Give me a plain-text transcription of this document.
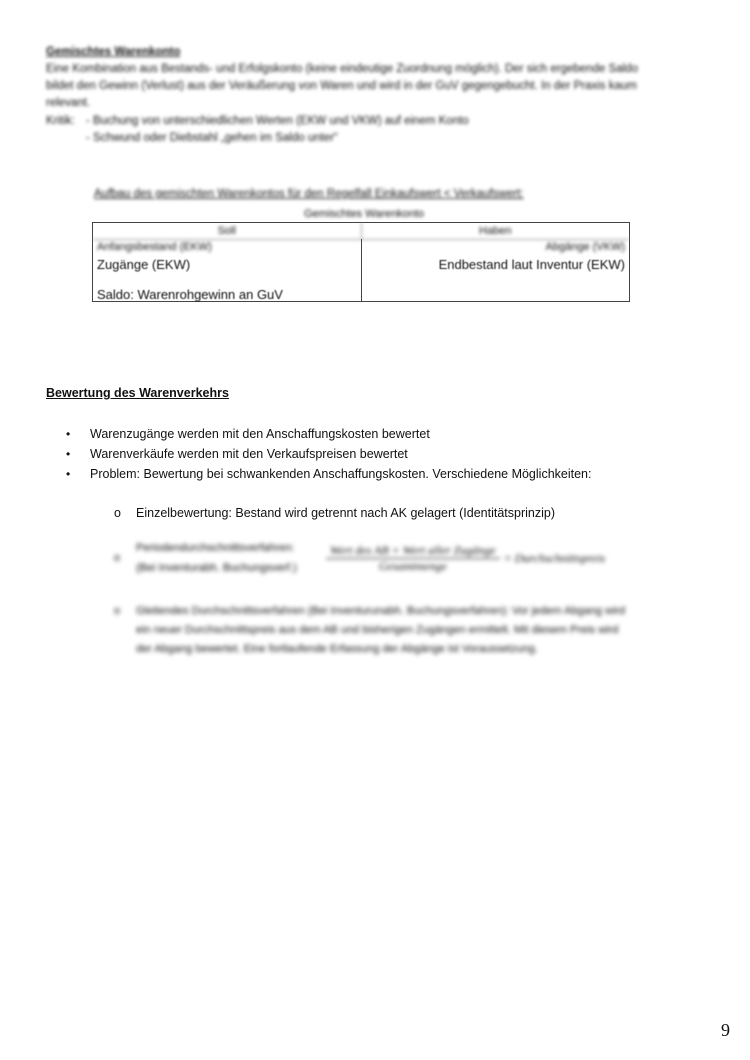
Gemischtes Warenkonto
Eine Kombination aus Bestands- und Erfolgskonto (keine eindeutige Zuordnung möglich). Der sich ergebende Saldo
bildet den Gewinn (Verlust) aus der Veräußerung von Waren und wird in der GuV gegengebucht. In der Praxis kaum
relevant.
Kritik: - Buchung von unterschiedlichen Werten (EKW und VKW) auf einem Konto
- Schwund oder Diebstahl „gehen im Saldo unter“
Aufbau des gemischten Warenkontos für den Regelfall Einkaufswert < Verkaufswert:
Gemischtes Warenkonto
Soll	Haben
Anfangsbestand (EKW)	Abgänge (VKW)
Zugänge (EKW)	Endbestand laut Inventur (EKW)
Saldo: Warenrohgewinn an GuV
Bewertung des Warenverkehrs
•	Warenzugänge werden mit den Anschaffungskosten bewertet
•	Warenverkäufe werden mit den Verkaufspreisen bewertet
•	Problem: Bewertung bei schwankenden Anschaffungskosten. Verschiedene Möglichkeiten:
o	Einzelbewertung: Bestand wird getrennt nach AK gelagert (Identitätsprinzip)
o
Periodendurchschnittsverfahren:
(Bei Inventurabh. Buchungsverf.)	$\frac{\text{Wert des AB + Wert aller Zugänge}}{\text{Gesamtmenge}}$ = Durchschnittspreis
o	Gleitendes Durchschnittsverfahren (Bei Inventurunabh. Buchungsverfahren): Vor jedem Abgang wird
ein neuer Durchschnittspreis aus dem AB und bisherigen Zugängen ermittelt. Mit diesem Preis wird
der Abgang bewertet. Eine fortlaufende Erfassung der Abgänge ist Voraussetzung.
9
